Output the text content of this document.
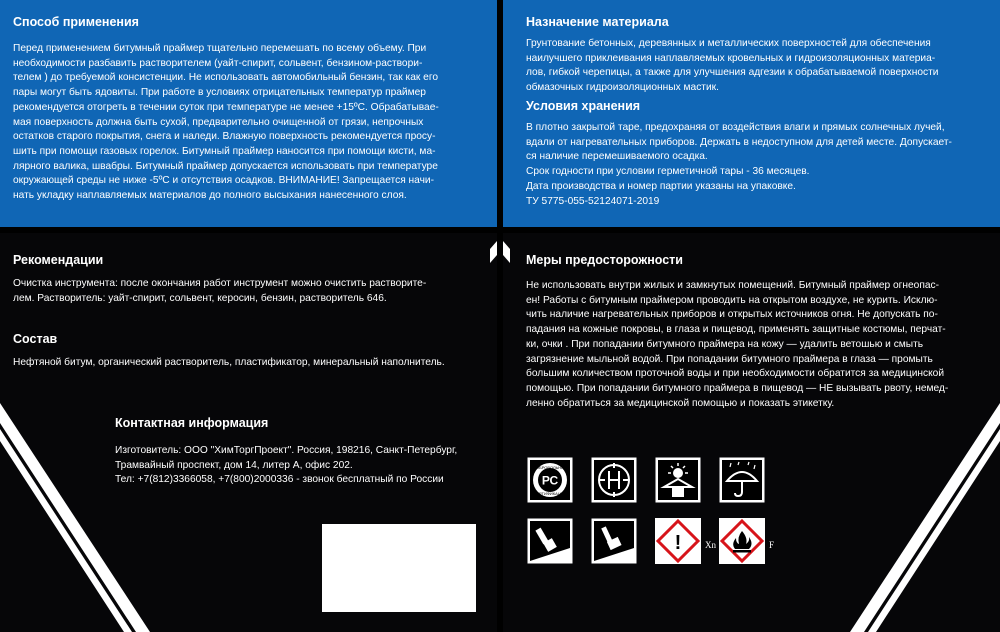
Способ применения
Перед применением битумный праймер тщательно перемешать по всему объему. При
необходимости разбавить растворителем (уайт-спирит, сольвент, бензином-раствори-
телем ) до требуемой консистенции. Не использовать автомобильный бензин, так как его
пары могут быть ядовиты. При работе в условиях отрицательных температур праймер
рекомендуется отогреть в течении суток при температуре не менее +15ºС. Обрабатывае-
мая поверхность должна быть сухой, предварительно очищенной от грязи, непрочных
остатков старого покрытия, снега и наледи. Влажную поверхность рекомендуется просу-
шить при помощи газовых горелок. Битумный праймер наносится при помощи кисти, ма-
лярного валика, швабры. Битумный праймер допускается использовать при температуре
окружающей среды не ниже -5ºС и отсутствия осадков. ВНИМАНИЕ! Запрещается начи-
нать укладку наплавляемых материалов до полного высыхания нанесенного слоя.
Назначение материала
Грунтование бетонных, деревянных и металлических поверхностей для обеспечения
наилучшего приклеивания наплавляемых кровельных и гидроизоляционных материа-
лов, гибкой черепицы, а также для улучшения адгезии к обрабатываемой поверхности
обмазочных гидроизоляционных мастик.
Условия хранения
В плотно закрытой таре, предохраняя от воздействия влаги и прямых солнечных лучей,
вдали от нагревательных приборов. Держать в недоступном для детей месте. Допускает-
ся наличие перемешиваемого осадка.
Срок годности при условии герметичной тары - 36 месяцев.
Дата производства и номер партии указаны на упаковке.
ТУ 5775-055-52124071-2019
Рекомендации
Очистка инструмента: после окончания работ инструмент можно очистить растворите-
лем. Растворитель: уайт-спирит, сольвент, керосин, бензин, растворитель 646.
Состав
Нефтяной битум, органический растворитель, пластификатор, минеральный наполнитель.
Контактная информация
Изготовитель: ООО "ХимТоргПроект". Россия, 198216, Санкт-Петербург,
Трамвайный проспект, дом 14, литер А, офис 202.
Тел: +7(812)3366058, +7(800)2000336 - звонок бесплатный по России
Меры предосторожности
Не использовать внутри жилых и замкнутых помещений. Битумный праймер огнеопас-
ен! Работы с битумным праймером проводить на открытом воздухе, не курить. Исклю-
чить наличие нагревательных приборов и открытых источников огня. Не допускать по-
падания на кожные покровы, в глаза и пищевод, применять защитные костюмы, перчат-
ки, очки . При попадании битумного праймера на кожу — удалить ветошью и смыть
загрязнение мыльной водой. При попадании битумного праймера в глаза — промыть
большим количеством проточной воды и при необходимости обратится за медицинской
помощью. При попадании битумного праймера в пищевод — НЕ вызывать рвоту, немед-
ленно обратиться за медицинской помощью и показать этикетку.
РС
ДОБРОВОЛЬНАЯ
СЕРТИФИКАЦИЯ
!	Xn	F
